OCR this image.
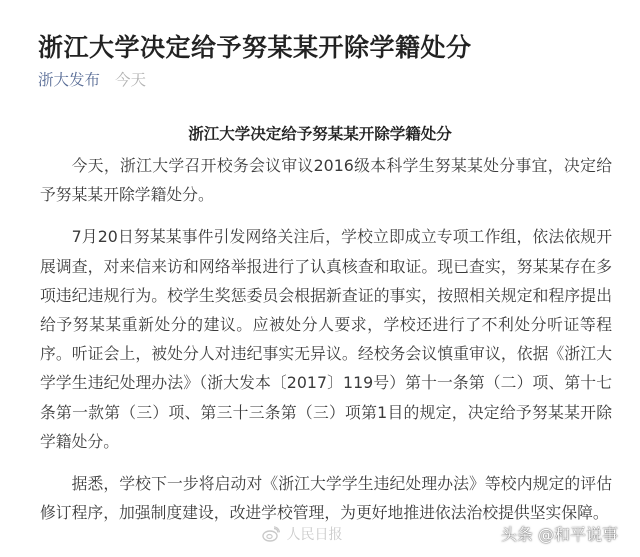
浙江大学决定给予努某某开除学籍处分
浙大发布 今天
浙江大学决定给予努某某开除学籍处分

今天，浙江大学召开校务会议审议2016级本科学生努某某处分事宜，决定给予努某某开除学籍处分。

7月20日努某某事件引发网络关注后，学校立即成立专项工作组，依法依规开展调查，对来信来访和网络举报进行了认真核查和取证。现已查实，努某某存在多项违纪违规行为。校学生奖惩委员会根据新查证的事实，按照相关规定和程序提出给予努某某重新处分的建议。应被处分人要求，学校还进行了不利处分听证等程序。听证会上，被处分人对违纪事实无异议。经校务会议慎重审议，依据《浙江大学学生违纪处理办法》（浙大发本〔2017〕119号）第十一条第（二）项、第十七条第一款第（三）项、第三十三条第（三）项第1目的规定，决定给予努某某开除学籍处分。

据悉，学校下一步将启动对《浙江大学学生违纪处理办法》等校内规定的评估修订程序，加强制度建设，改进学校管理，为更好地推进依法治校提供坚实保障。

人民日报	头条 @和平说事
